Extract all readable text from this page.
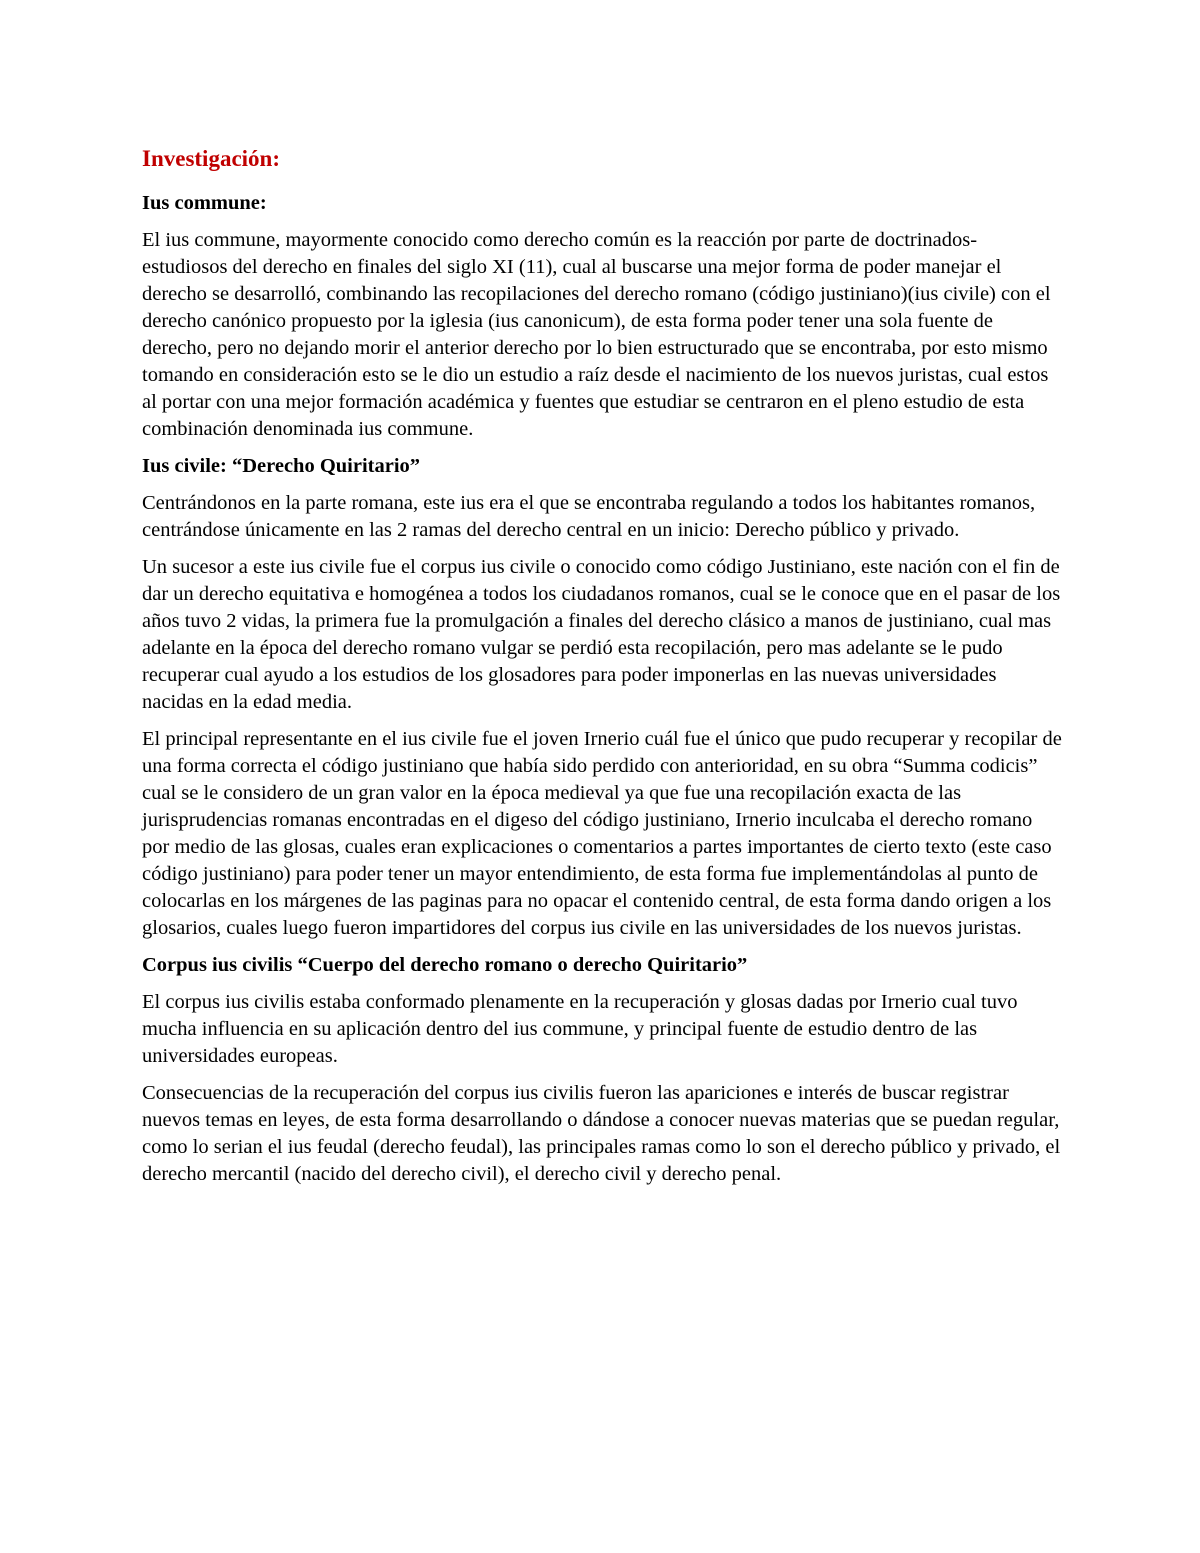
Investigación:
Ius commune:

El ius commune, mayormente conocido como derecho común es la reacción por parte de doctrinados-estudiosos del derecho en finales del siglo XI (11), cual al buscarse una mejor forma de poder manejar el derecho se desarrolló, combinando las recopilaciones del derecho romano (código justiniano)(ius civile) con el derecho canónico propuesto por la iglesia (ius canonicum), de esta forma poder tener una sola fuente de derecho, pero no dejando morir el anterior derecho por lo bien estructurado que se encontraba, por esto mismo tomando en consideración esto se le dio un estudio a raíz desde el nacimiento de los nuevos juristas, cual estos al portar con una mejor formación académica y fuentes que estudiar se centraron en el pleno estudio de esta combinación denominada ius commune.

Ius civile: “Derecho Quiritario”

Centrándonos en la parte romana, este ius era el que se encontraba regulando a todos los habitantes romanos, centrándose únicamente en las 2 ramas del derecho central en un inicio: Derecho público y privado.

Un sucesor a este ius civile fue el corpus ius civile o conocido como código Justiniano, este nación con el fin de dar un derecho equitativa e homogénea a todos los ciudadanos romanos, cual se le conoce que en el pasar de los años tuvo 2 vidas, la primera fue la promulgación a finales del derecho clásico a manos de justiniano, cual mas adelante en la época del derecho romano vulgar se perdió esta recopilación, pero mas adelante se le pudo recuperar cual ayudo a los estudios de los glosadores para poder imponerlas en las nuevas universidades nacidas en la edad media.

El principal representante en el ius civile fue el joven Irnerio cuál fue el único que pudo recuperar y recopilar de una forma correcta el código justiniano que había sido perdido con anterioridad, en su obra “Summa codicis” cual se le considero de un gran valor en la época medieval ya que fue una recopilación exacta de las jurisprudencias romanas encontradas en el digeso del código justiniano, Irnerio inculcaba el derecho romano por medio de las glosas, cuales eran explicaciones o comentarios a partes importantes de cierto texto (este caso código justiniano) para poder tener un mayor entendimiento, de esta forma fue implementándolas al punto de colocarlas en los márgenes de las paginas para no opacar el contenido central, de esta forma dando origen a los glosarios, cuales luego fueron impartidores del corpus ius civile en las universidades de los nuevos juristas.

Corpus ius civilis “Cuerpo del derecho romano o derecho Quiritario”

El corpus ius civilis estaba conformado plenamente en la recuperación y glosas dadas por Irnerio cual tuvo mucha influencia en su aplicación dentro del ius commune, y principal fuente de estudio dentro de las universidades europeas.

Consecuencias de la recuperación del corpus ius civilis fueron las apariciones e interés de buscar registrar nuevos temas en leyes, de esta forma desarrollando o dándose a conocer nuevas materias que se puedan regular, como lo serian el ius feudal (derecho feudal), las principales ramas como lo son el derecho público y privado, el derecho mercantil (nacido del derecho civil), el derecho civil y derecho penal.
